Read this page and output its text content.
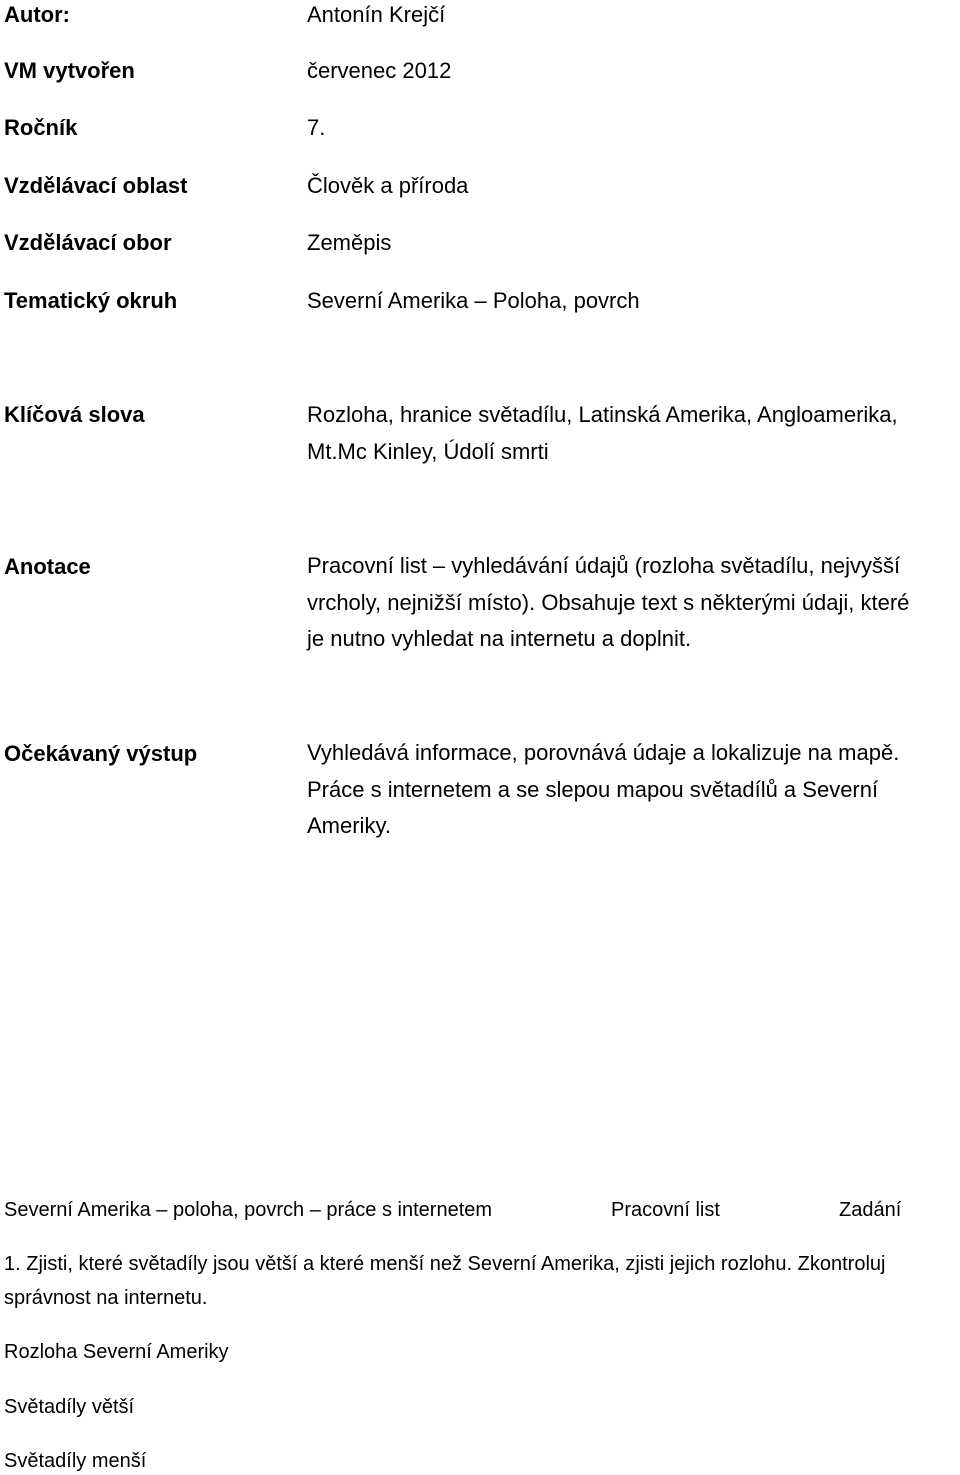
Autor:	Antonín Krejčí
VM vytvořen	červenec 2012
Ročník	7.
Vzdělávací oblast	Člověk a příroda
Vzdělávací obor	Zeměpis
Tematický okruh	Severní Amerika – Poloha, povrch
Klíčová slova	Rozloha, hranice světadílu, Latinská Amerika, Angloamerika,
Mt.Mc Kinley, Údolí smrti
Anotace	Pracovní list – vyhledávání údajů (rozloha světadílu, nejvyšší
vrcholy, nejnižší místo). Obsahuje text s některými údaji, které
je nutno vyhledat na internetu a doplnit.
Očekávaný výstup	Vyhledává informace, porovnává údaje a lokalizuje na mapě.
Práce s internetem a se slepou mapou světadílů a Severní
Ameriky.
Severní Amerika – poloha, povrch – práce s internetem	Pracovní list	Zadání
1. Zjisti, které světadíly jsou větší a které menší než Severní Amerika, zjisti jejich rozlohu. Zkontroluj
správnost na internetu.
Rozloha Severní Ameriky
Světadíly větší
Světadíly menší
